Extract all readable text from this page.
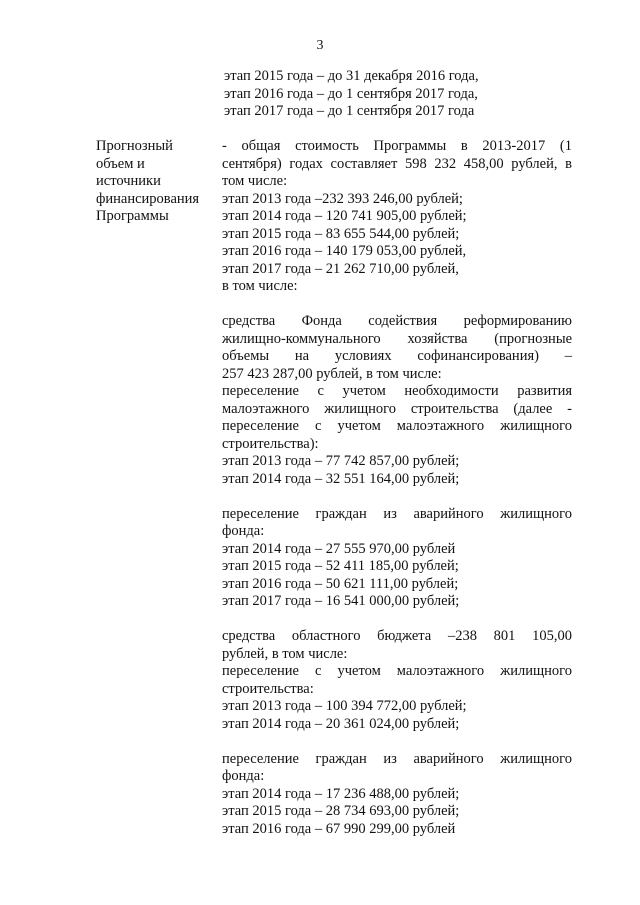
3
этап 2015 года – до 31 декабря 2016 года,
этап 2016 года – до 1 сентября 2017 года,
этап 2017 года – до 1 сентября 2017 года
Прогнозный
объем и
источники
финансирования
Программы
- общая стоимость Программы в 2013-2017 (1
сентября) годах составляет 598 232 458,00 рублей, в
том числе:
этап 2013 года –232 393 246,00 рублей;
этап 2014 года – 120 741 905,00 рублей;
этап 2015 года – 83 655 544,00 рублей;
этап 2016 года – 140 179 053,00 рублей,
этап 2017 года – 21 262 710,00 рублей,
в том числе:
средства Фонда содействия реформированию
жилищно-коммунального хозяйства (прогнозные
объемы на условиях софинансирования) –
257 423 287,00 рублей, в том числе:
переселение с учетом необходимости развития
малоэтажного жилищного строительства (далее -
переселение с учетом малоэтажного жилищного
строительства):
этап 2013 года – 77 742 857,00 рублей;
этап 2014 года – 32 551 164,00 рублей;
переселение граждан из аварийного жилищного
фонда:
этап 2014 года – 27 555 970,00 рублей
этап 2015 года – 52 411 185,00 рублей;
этап 2016 года – 50 621 111,00 рублей;
этап 2017 года – 16 541 000,00 рублей;
средства областного бюджета –238 801 105,00
рублей, в том числе:
переселение с учетом малоэтажного жилищного
строительства:
этап 2013 года – 100 394 772,00 рублей;
этап 2014 года – 20 361 024,00 рублей;
переселение граждан из аварийного жилищного
фонда:
этап 2014 года – 17 236 488,00 рублей;
этап 2015 года – 28 734 693,00 рублей;
этап 2016 года – 67 990 299,00 рублей
